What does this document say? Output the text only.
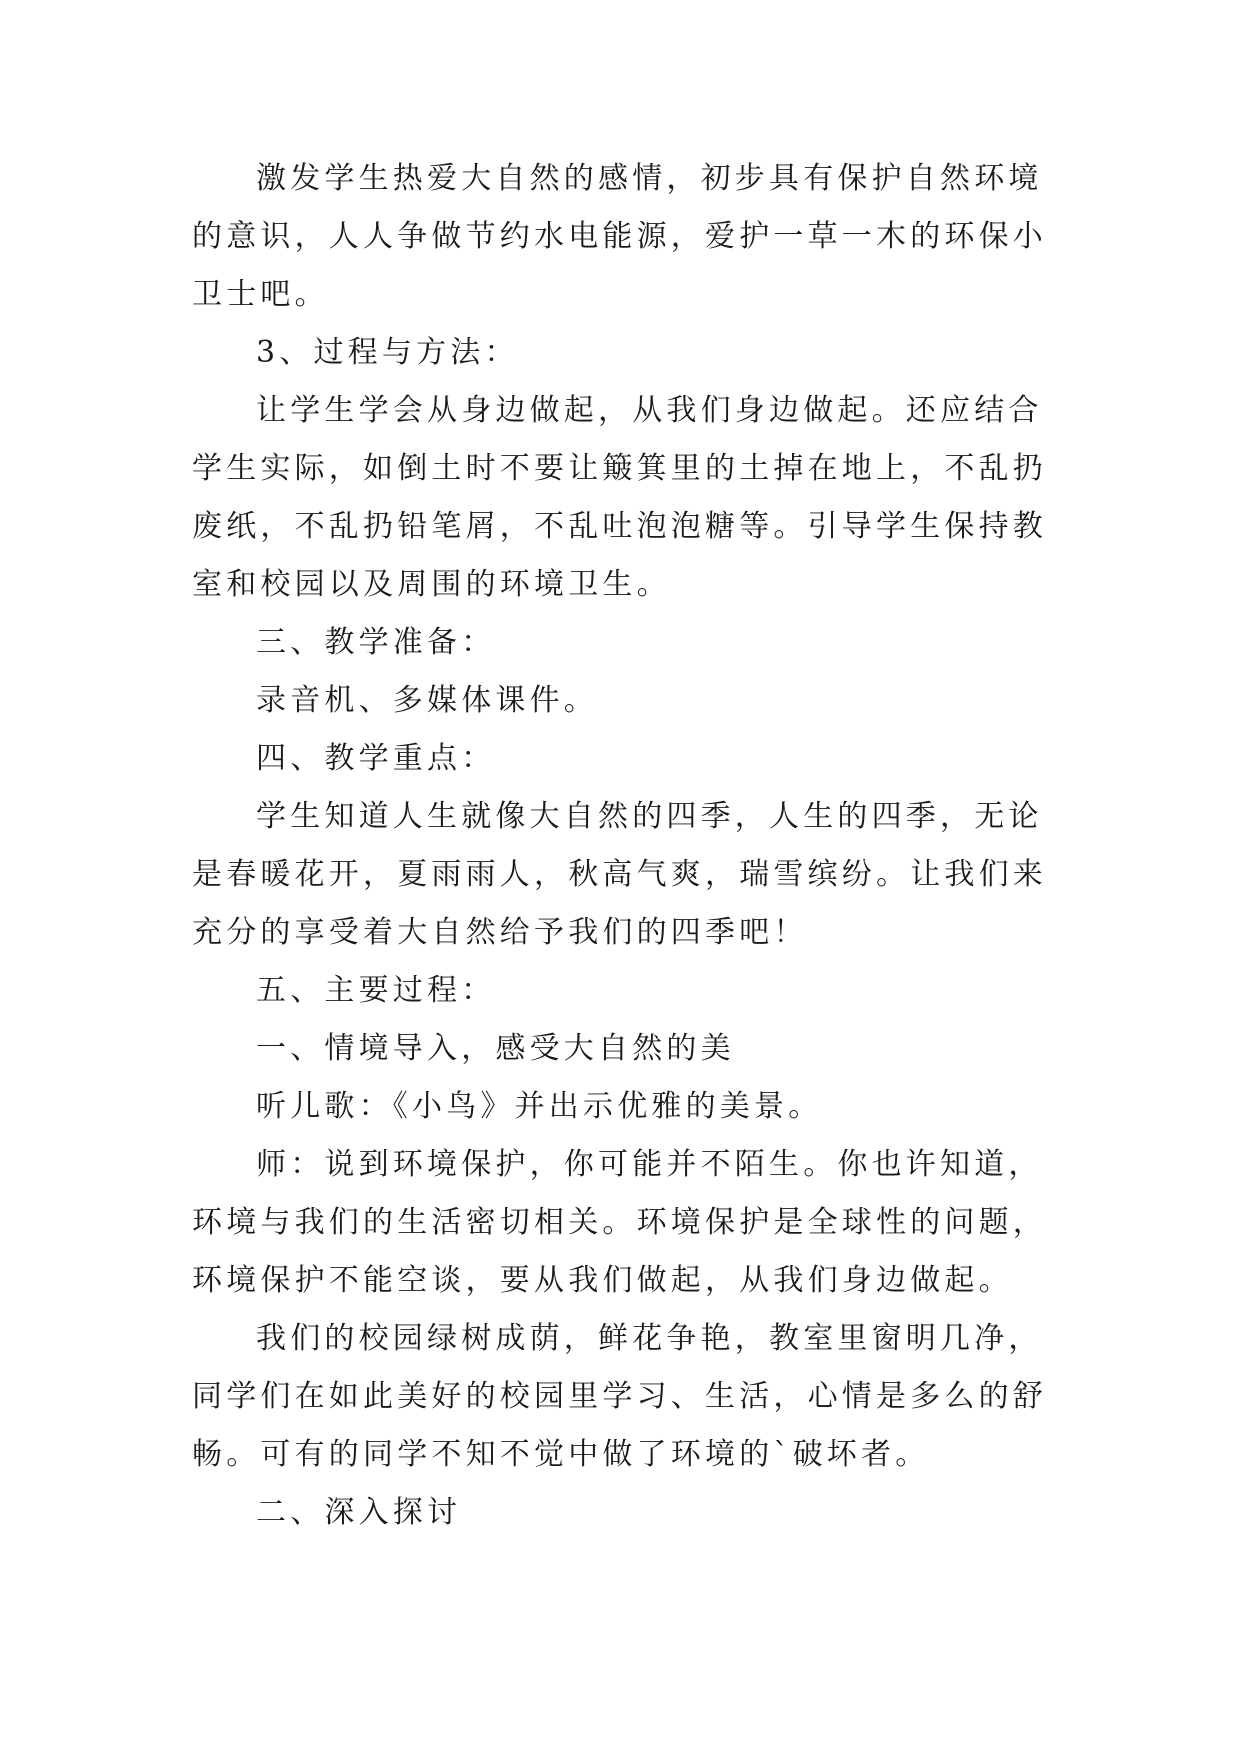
激发学生热爱大自然的感情，初步具有保护自然环境的意识，人人争做节约水电能源，爱护一草一木的环保小卫士吧。

3、过程与方法：

让学生学会从身边做起，从我们身边做起。还应结合学生实际，如倒土时不要让簸箕里的土掉在地上，不乱扔废纸，不乱扔铅笔屑，不乱吐泡泡糖等。引导学生保持教室和校园以及周围的环境卫生。

三、教学准备：

录音机、多媒体课件。

四、教学重点：

学生知道人生就像大自然的四季，人生的四季，无论是春暖花开，夏雨雨人，秋高气爽，瑞雪缤纷。让我们来充分的享受着大自然给予我们的四季吧！

五、主要过程：

一、情境导入，感受大自然的美

听儿歌：《小鸟》并出示优雅的美景。

师：说到环境保护，你可能并不陌生。你也许知道，环境与我们的生活密切相关。环境保护是全球性的问题，环境保护不能空谈，要从我们做起，从我们身边做起。

我们的校园绿树成荫，鲜花争艳，教室里窗明几净，同学们在如此美好的校园里学习、生活，心情是多么的舒畅。可有的同学不知不觉中做了环境的`破坏者。

二、深入探讨
